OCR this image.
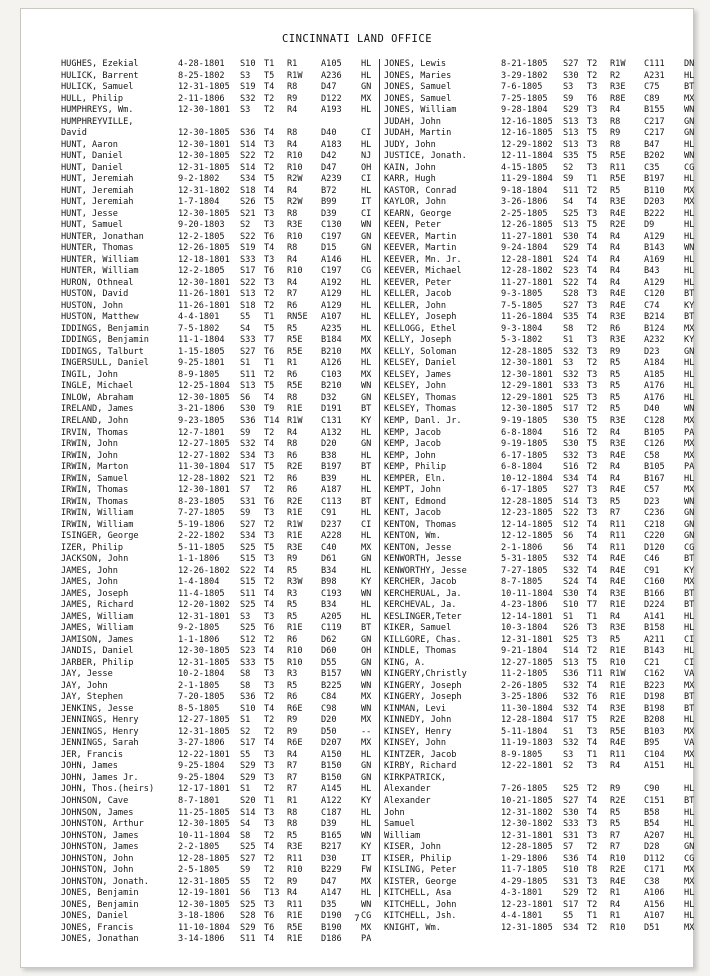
CINCINNATI LAND OFFICE
HUGHES, Ezekial	4-28-1801	S10 T1	R1	A105	HL
HULICK, Barrent	8-25-1802	S3	T5	R1W	A236	HL
HULICK, Samuel	12-31-1805	S19 T4	R8	D47	GN
HULL, Philip	2-11-1806	S32 T2	R9	D122	MX
HUMPHREYS, Wm.	12-30-1801	S3	T2	R4	A193	HL
HUMPHREYVILLE,
David	12-30-1805	S36 T4	R8	D40	CI
HUNT, Aaron	12-30-1801	S14 T3	R4	A183	HL
HUNT, Daniel	12-30-1805	S22 T2	R10	D42	NJ
HUNT, Daniel	12-31-1805	S14 T2	R10	D47	OH
HUNT, Jeremiah	9-2-1802	S34 T5	R2W	A239	CI
HUNT, Jeremiah	12-31-1802	S18 T4	R4	B72	HL
HUNT, Jeremiah	1-7-1804	S26 T5	R2W	B99	IT
HUNT, Jesse	12-30-1805	S21 T3	R8	D39	CI
HUNT, Samuel	9-20-1803	S2	T3	R3E	C130	WN
HUNTER, Jonathan	12-2-1805	S22 T6	R10	C197	GN
HUNTER, Thomas	12-26-1805	S19 T4	R8	D15	GN
HUNTER, William	12-18-1801	S33 T3	R4	A146	HL
HUNTER, William	12-2-1805	S17 T6	R10	C197	CG
HURON, Othneal	12-30-1801	S22 T3	R4	A192	HL
HUSTON, David	11-26-1801	S13 T2	R7	A129	HL
HUSTON, John	11-26-1801	S18 T2	R6	A129	HL
HUSTON, Matthew	4-4-1801	S5	T1	RN5E	A107	HL
IDDINGS, Benjamin	7-5-1802	S4	T5	R5	A235	HL
IDDINGS, Benjamin	11-1-1804	S33 T7	R5E	B184	MX
IDDINGS, Talburt	1-15-1805	S27 T6	R5E	B210	MX
INGERSULL, Daniel	9-25-1801	S1	T1	R1	A126	HL
INGIL, John	8-9-1805	S11 T2	R6	C103	MX
INGLE, Michael	12-25-1804	S13 T5	R5E	B210	WN
INLOW, Abraham	12-30-1805	S6	T4	R8	D32	GN
IRELAND, James	3-21-1806	S30 T9	R1E	D191	BT
IRELAND, John	9-23-1805	S36 T14 R1W	C131	KY
IRVIN, Thomas	12-7-1801	S9	T2	R4	A132	HL
IRWIN, John	12-27-1805	S32 T4	R8	D20	GN
IRWIN, John	12-27-1802	S34 T3	R6	B38	HL
IRWIN, Marton	11-30-1804	S17 T5	R2E	B197	BT
IRWIN, Samuel	12-28-1802	S21 T2	R6	B39	HL
IRWIN, Thomas	12-30-1801	S7	T2	R6	A187	HL
IRWIN, Thomas	8-23-1805	S31 T6	R2E	C113	BT
IRWIN, William	7-27-1805	S9	T3	R1E	C91	HL
IRWIN, William	5-19-1806	S27 T2	R1W	D237	CI
ISINGER, George	2-22-1802	S34 T3	R1E	A228	HL
IZER, Philip	5-11-1805	S25 T5	R3E	C40	MX
JACKSON, John	1-1-1806	S15 T3	R9	D61	GN
JAMES, John	12-26-1802	S22 T4	R5	B34	HL
JAMES, John	1-4-1804	S15 T2	R3W	B98	KY
JAMES, Joseph	11-4-1805	S11 T4	R3	C193	WN
JAMES, Richard	12-20-1802	S25 T4	R5	B34	HL
JAMES, William	12-31-1801	S3	T3	R5	A205	HL
JAMES, William	9-2-1805	S25 T6	R1E	C119	BT
JAMISON, James	1-1-1806	S12 T2	R6	D62	GN
JANDIS, Daniel	12-30-1805	S23 T4	R10	D60	OH
JARBER, Philip	12-31-1805	S33 T5	R10	D55	GN
JAY, Jesse	10-2-1804	S8	T3	R3	B157	WN
JAY, John	2-1-1805	S8	T3	R5	B225	WN
JAY, Stephen	7-20-1805	S36 T2	R6	C84	MX
JENKINS, Jesse	8-5-1805	S10 T4	R6E	C98	WN
JENNINGS, Henry	12-27-1805	S1	T2	R9	D20	MX
JENNINGS, Henry	12-31-1805	S2	T2	R9	D50	--
JENNINGS, Sarah	3-27-1806	S17 T4	R6E	D207	MX
JER, Francis	12-22-1801	S5	T3	R4	A150	HL
JOHN, James	9-25-1804	S29 T3	R7	B150	GN
JOHN, James Jr.	9-25-1804	S29 T3	R7	B150	GN
JOHN, Thos.(heirs)	12-17-1801	S1	T2	R7	A145	HL
JOHNSON, Cave	8-7-1801	S20 T1	R1	A122	KY
JOHNSON, James	11-25-1805	S14 T3	R8	C187	HL
JOHNSTON, Arthur	12-30-1805	S4	T3	R8	D39	HL
JOHNSTON, James	10-11-1804	S8	T2	R5	B165	WN
JOHNSTON, James	2-2-1805	S25 T4	R3E	B217	KY
JOHNSTON, John	12-28-1805	S27 T2	R11	D30	IT
JOHNSTON, John	2-5-1805	S9	T2	R10	B229	FW
JOHNSTON, Jonath.	12-31-1805	S5	T2	R9	D47	MX
JONES, Benjamin	12-19-1801	S6	T13 R4	A147	HL
JONES, Benjamin	12-30-1805	S25 T3	R11	D35	WN
JONES, Daniel	3-18-1806	S28 T6	R1E	D190	CG
JONES, Francis	11-10-1804	S29 T6	R5E	B190	MX
JONES, Jonathan	3-14-1806	S11 T4	R1E	D186	PA
JONES, Lewis	8-21-1805	S27 T2	R1W	C111	DN
JONES, Maries	3-29-1802	S30 T2	R2	A231	HL
JONES, Samuel	7-6-1805	S3	T3	R3E	C75	BT
JONES, Samuel	7-25-1805	S9	T6	R8E	C89	MX
JONES, William	9-28-1804	S29 T3	R4	B155	WN
JUDAH, John	12-16-1805	S13 T3	R8	C217	GN
JUDAH, Martin	12-16-1805	S13 T5	R9	C217	GN
JUDY, John	12-29-1802	S13 T3	R8	B47	HL
JUSTICE, Jonath.	12-11-1804	S35 T5	R5E	B202	WN
KAIN, John	4-15-1805	S2	T3	R11	C35	CG
KARR, Hugh	11-29-1804	S9	T1	R5E	B197	HL
KASTOR, Conrad	9-18-1804	S11 T2	R5	B110	MX
KAYLOR, John	3-26-1806	S4	T4	R3E	D203	MX
KEARN, George	2-25-1805	S25 T3	R4E	B222	HL
KEEN, Peter	12-26-1805	S13 T5	R2E	D9	HL
KEEVER, Martin	11-27-1801	S30 T4	R4	A129	HL
KEEVER, Martin	9-24-1804	S29 T4	R4	B143	WN
KEEVER, Mn. Jr.	12-28-1801	S24 T4	R4	A169	HL
KEEVER, Michael	12-28-1802	S23 T4	R4	B43	HL
KEEVER, Peter	11-27-1801	S22 T4	R4	A129	HL
KELLER, Jacob	9-3-1805	S28 T3	R4E	C120	BT
KELLER, John	7-5-1805	S27 T3	R4E	C74	KY
KELLEY, Joseph	11-26-1804	S35 T4	R3E	B214	BT
KELLOGG, Ethel	9-3-1804	S8	T2	R6	B124	MX
KELLY, Joseph	5-3-1802	S1	T3	R3E	A232	KY
KELLY, Soloman	12-28-1805	S32 T3	R9	D23	GN
KELSEY, Daniel	12-30-1801	S3	T2	R5	A184	HL
KELSEY, James	12-30-1801	S32 T3	R5	A185	HL
KELSEY, John	12-29-1801	S33 T3	R5	A176	HL
KELSEY, Thomas	12-29-1801	S25 T3	R5	A176	HL
KELSEY, Thomas	12-30-1805	S17 T2	R5	D40	WN
KEMP, Danl. Jr.	9-19-1805	S30 T5	R3E	C128	MX
KEMP, Jacob	6-8-1804	S16 T2	R4	B105	PA
KEMP, Jacob	9-19-1805	S30 T5	R3E	C126	MX
KEMP, John	6-17-1805	S32 T3	R4E	C58	MX
KEMP, Philip	6-8-1804	S16 T2	R4	B105	PA
KEMPER, Eln.	10-12-1804	S34 T4	R4	B167	HL
KEMPT, John	6-17-1805	S27 T3	R4E	C57	MX
KENT, Edmond	12-28-1805	S14 T3	R5	D23	WN
KENT, Jacob	12-23-1805	S22 T3	R7	C236	GN
KENTON, Thomas	12-14-1805	S12 T4	R11	C218	GN
KENTON, Wm.	12-12-1805	S6	T4	R11	C220	GN
KENTON, Jesse	2-1-1806	S6	T4	R11	D120	CG
KENWORTH, Jesse	5-31-1805	S32 T4	R4E	C46	BT
KENWORTHY, Jesse	7-27-1805	S32 T4	R4E	C91	KY
KERCHER, Jacob	8-7-1805	S24 T4	R4E	C160	MX
KERCHERUAL, Ja.	10-11-1804	S30 T4	R3E	B166	BT
KERCHEVAL, Ja.	4-23-1806	S10 T7	R1E	D224	BT
KESLINGER,Teter	12-14-1801	S1	T1	R4	A141	HL
KIKER, Samuel	10-3-1804	S26 T3	R3E	B158	HL
KILLGORE, Chas.	12-31-1801	S25 T3	R5	A211	CI
KINDLE, Thomas	9-21-1804	S14 T2	R1E	B143	HL
KING, A.	12-27-1805	S13 T5	R10	C21	CI
KINGERY,Christly	11-2-1805	S36 T11 R1W	C162	VA
KINGERY, Joseph	2-26-1805	S32 T4	R1E	B223	MX
KINGERY, Joseph	3-25-1806	S32 T6	R1E	D198	BT
KINMAN, Levi	11-30-1804	S32 T4	R3E	B198	BT
KINNEDY, John	12-28-1804	S17 T5	R2E	B208	HL
KINSEY, Henry	5-11-1804	S1	T3	R5E	B103	MX
KINSEY, John	11-19-1803	S32 T4	R4E	B95	VA
KINTZER, Jacob	8-9-1805	S3	T1	R11	C104	MX
KIRBY, Richard	12-22-1801	S2	T3	R4	A151	HL
KIRKPATRICK,
Alexander	7-26-1805	S25 T2	R9	C90	HL
Alexander	10-21-1805	S27 T4	R2E	C151	BT
John	12-31-1802	S30 T4	R5	B58	HL
Samuel	12-30-1802	S33 T3	R5	B54	HL
William	12-31-1801	S31 T3	R7	A207	HL
KISER, John	12-28-1805	S7	T2	R7	D28	GN
KISER, Philip	1-29-1806	S36 T4	R10	D112	CG
KISLING, Peter	11-7-1805	S10 T8	R2E	C171	MX
KISTER, George	4-29-1805	S31 T3	R4E	C38	MX
KITCHELL, Asa	4-3-1801	S29 T2	R1	A106	HL
KITCHELL, John	12-23-1801	S17 T2	R4	A156	HL
KITCHELL, Jsh.	4-4-1801	S5	T1	R1	A107	HL
KNIGHT, Wm.	12-31-1805	S34 T2	R10	D51	MX
7
